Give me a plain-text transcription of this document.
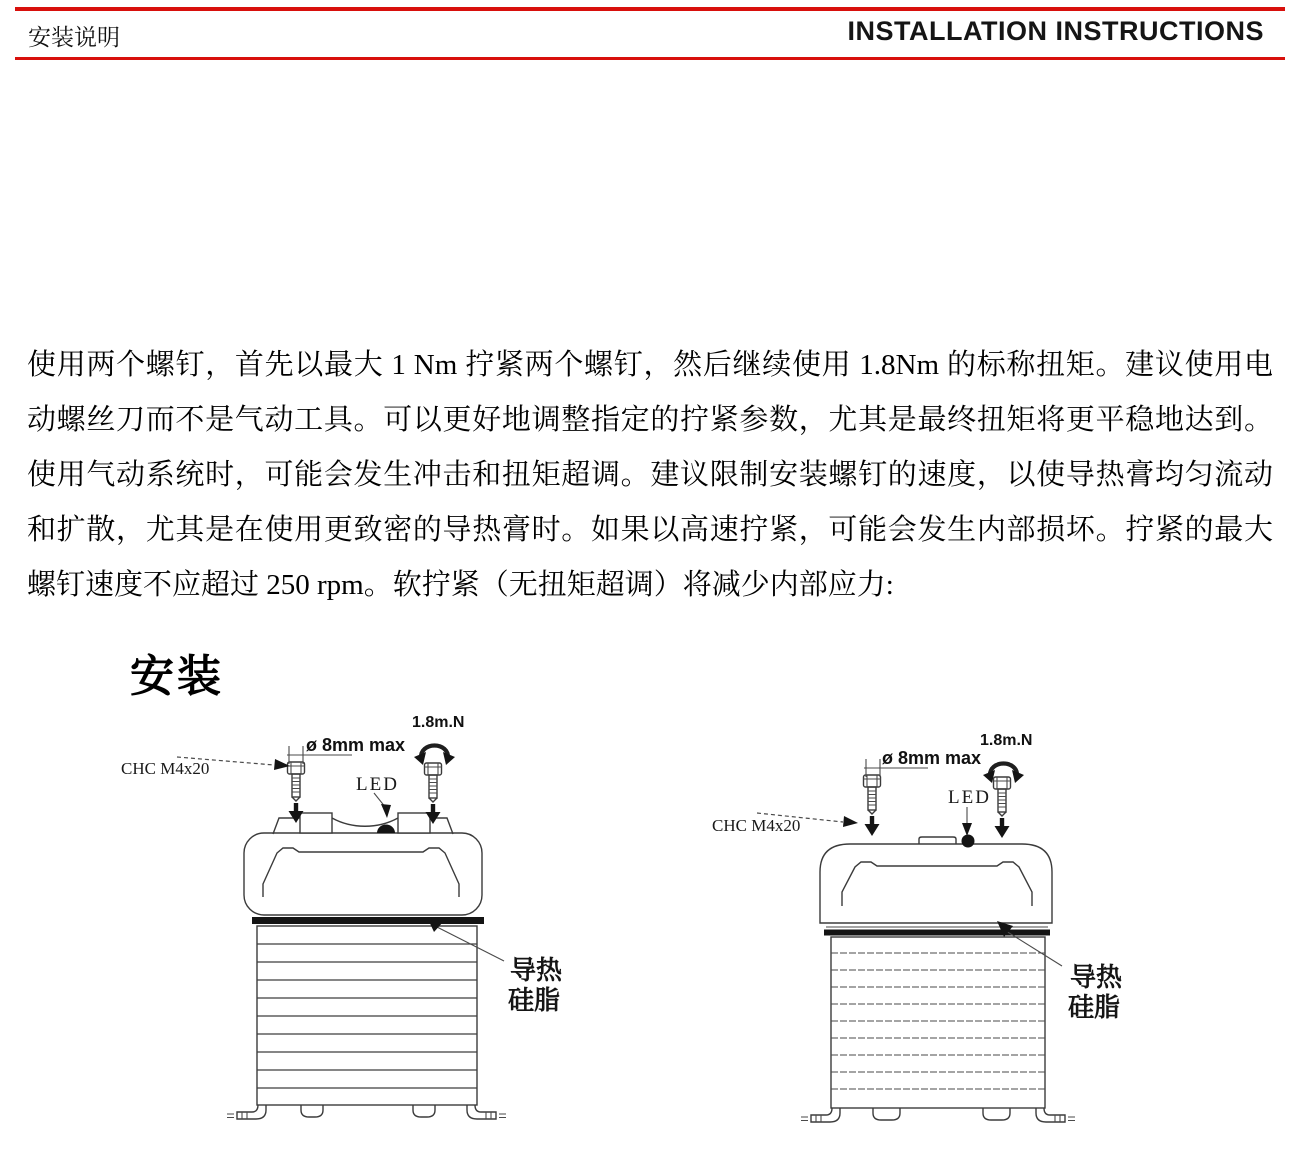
安装说明	INSTALLATION INSTRUCTIONS

使用两个螺钉，首先以最大 1 Nm 拧紧两个螺钉，然后继续使用 1.8Nm 的标称扭矩。建议使用电动螺丝刀而不是气动工具。可以更好地调整指定的拧紧参数，尤其是最终扭矩将更平稳地达到。使用气动系统时，可能会发生冲击和扭矩超调。建议限制安装螺钉的速度，以使导热膏均匀流动和扩散，尤其是在使用更致密的导热膏时。如果以高速拧紧，可能会发生内部损坏。拧紧的最大螺钉速度不应超过 250 rpm。软拧紧（无扭矩超调）将减少内部应力:

安装
ø 8mm max
1.8m.N
CHC M4x20
LED
导热
硅脂
ø 8mm max
1.8m.N
CHC M4x20
LED
导热
硅脂
